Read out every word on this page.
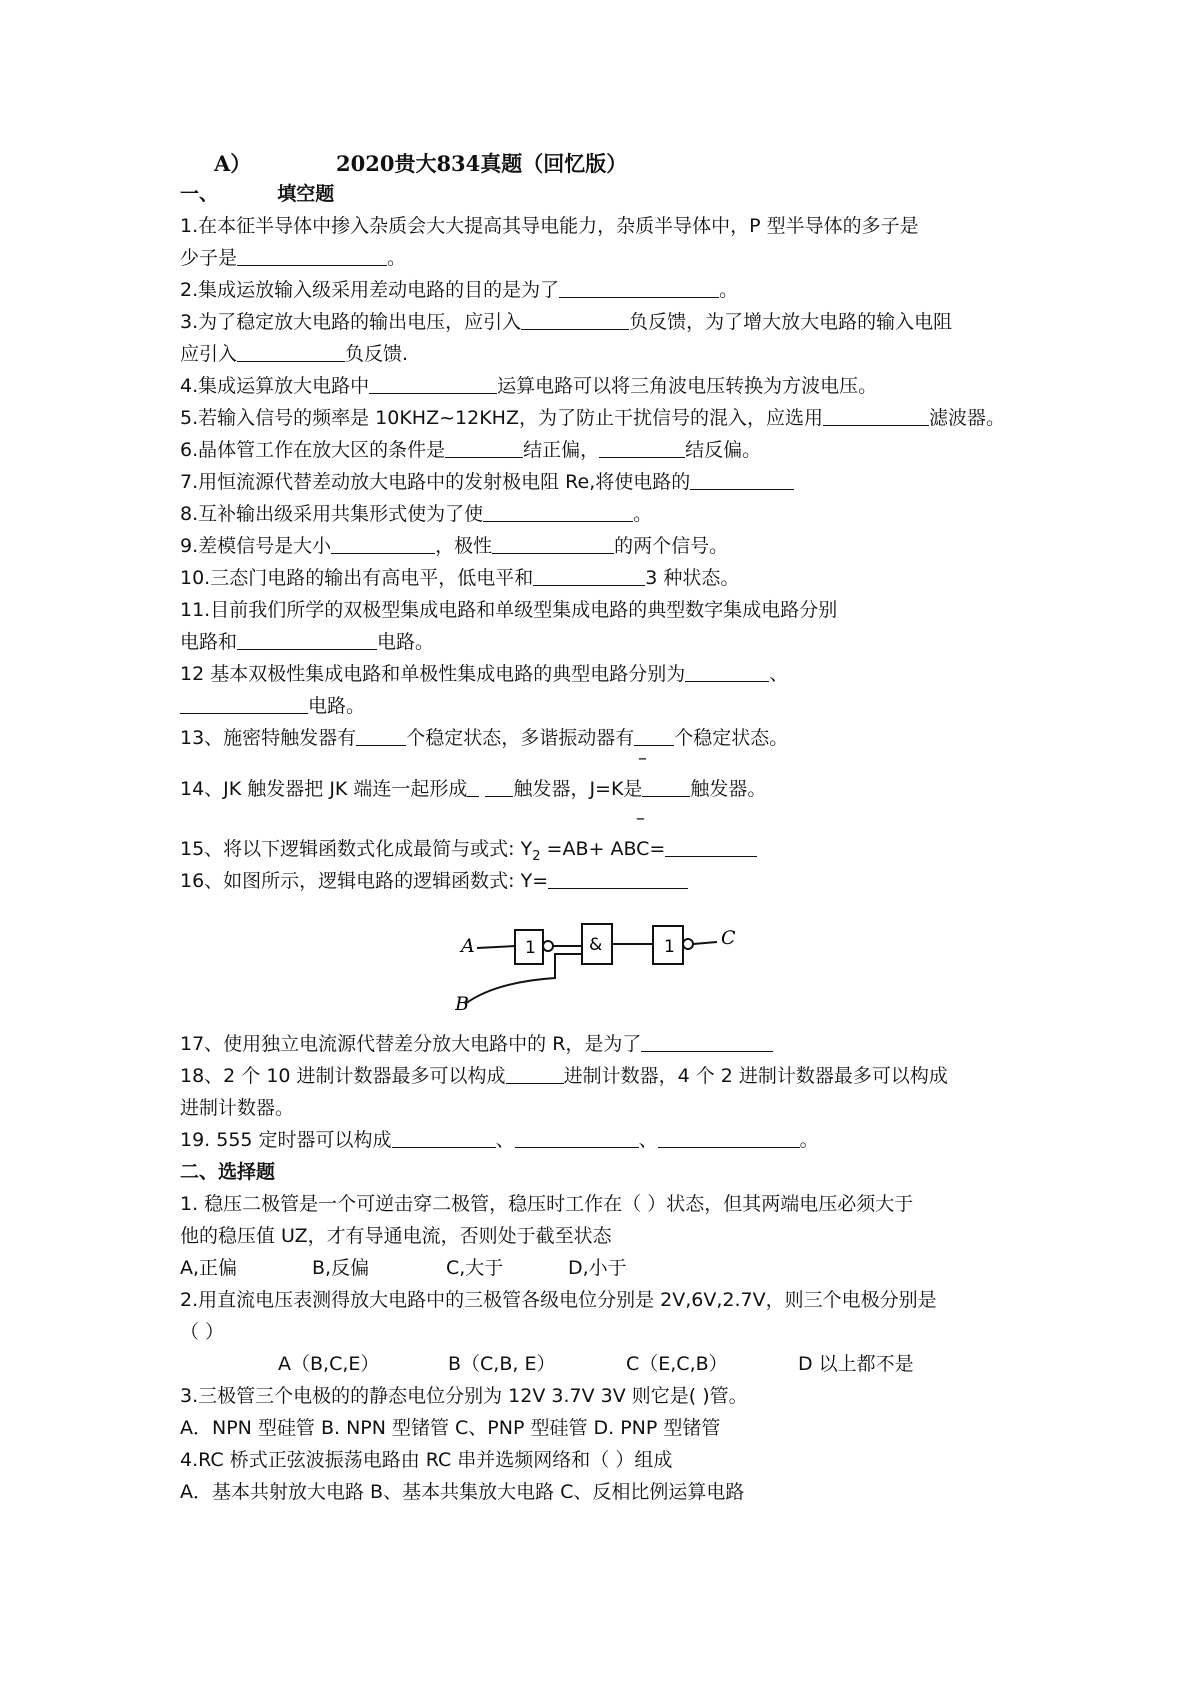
A）	2020贵大834真题（回忆版）
一、	填空题
1.在本征半导体中掺入杂质会大大提高其导电能力，杂质半导体中，P 型半导体的多子是
少子是	。
2.集成运放输入级采用差动电路的目的是为了	。
3.为了稳定放大电路的输出电压，应引入	负反馈，为了增大放大电路的输入电阻
应引入	负反馈.
4.集成运算放大电路中	运算电路可以将三角波电压转换为方波电压。
5.若输入信号的频率是 10KHZ~12KHZ，为了防止干扰信号的混入，应选用	滤波器。
6.晶体管工作在放大区的条件是	结正偏，	结反偏。
7.用恒流源代替差动放大电路中的发射极电阻 Re,将使电路的
8.互补输出级采用共集形式使为了使	。
9.差模信号是大小	，极性	的两个信号。
10.三态门电路的输出有高电平，低电平和	3 种状态。
11.目前我们所学的双极型集成电路和单级型集成电路的典型数字集成电路分别
电路和	电路。
12 基本双极性集成电路和单极性集成电路的典型电路分别为	、
电路。
13、施密特触发器有	个稳定状态，多谐振动器有 个稳定状态。
–
14、JK 触发器把 JK 端连一起形成 触发器，J=K是	触发器。
–
15、将以下逻辑函数式化成最简与或式: $Y_2 =AB+ ABC=$
16、如图所示，逻辑电路的逻辑函数式: Y=
A
B
C
1	&	1
17、使用独立电流源代替差分放大电路中的 R，是为了
18、2 个 10 进制计数器最多可以构成	进制计数器，4 个 2 进制计数器最多可以构成
进制计数器。
19. 555 定时器可以构成	、	、	。
二、选择题
1. 稳压二极管是一个可逆击穿二极管，稳压时工作在（ ）状态，但其两端电压必须大于
他的稳压值 UZ，才有导通电流，否则处于截至状态
A,正偏	B,反偏	C,大于	D,小于
2.用直流电压表测得放大电路中的三极管各级电位分别是 2V,6V,2.7V，则三个电极分别是
（ ）
A（B,C,E）	B（C,B, E）	C（E,C,B）	D 以上都不是
3.三极管三个电极的的静态电位分别为 12V 3.7V 3V 则它是( )管。
A．NPN 型硅管 B. NPN 型锗管 C、PNP 型硅管 D. PNP 型锗管
4.RC 桥式正弦波振荡电路由 RC 串并选频网络和（ ）组成
A．基本共射放大电路 B、基本共集放大电路 C、反相比例运算电路
